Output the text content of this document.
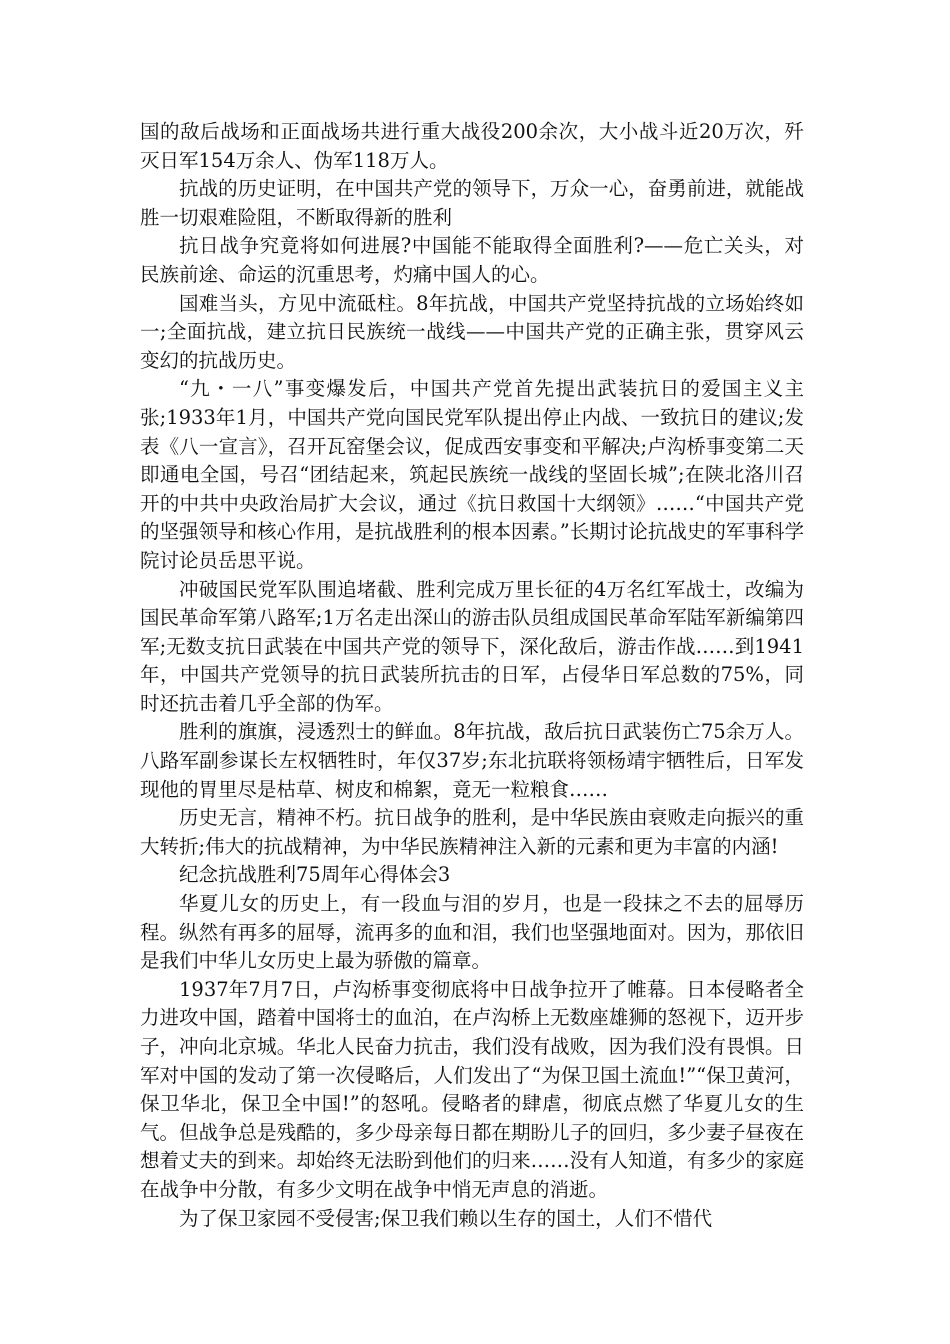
国的敌后战场和正面战场共进行重大战役200余次，大小战斗近20万次，歼灭日军154万余人、伪军118万人。

抗战的历史证明，在中国共产党的领导下，万众一心，奋勇前进，就能战胜一切艰难险阻，不断取得新的胜利

抗日战争究竟将如何进展?中国能不能取得全面胜利?——危亡关头，对民族前途、命运的沉重思考，灼痛中国人的心。

国难当头，方见中流砥柱。8年抗战，中国共产党坚持抗战的立场始终如一;全面抗战，建立抗日民族统一战线——中国共产党的正确主张，贯穿风云变幻的抗战历史。

“九・一八”事变爆发后，中国共产党首先提出武装抗日的爱国主义主张;1933年1月，中国共产党向国民党军队提出停止内战、一致抗日的建议;发表《八一宣言》，召开瓦窑堡会议，促成西安事变和平解决;卢沟桥事变第二天即通电全国，号召“团结起来，筑起民族统一战线的坚固长城”;在陕北洛川召开的中共中央政治局扩大会议，通过《抗日救国十大纲领》……“中国共产党的坚强领导和核心作用，是抗战胜利的根本因素。”长期讨论抗战史的军事科学院讨论员岳思平说。

冲破国民党军队围追堵截、胜利完成万里长征的4万名红军战士，改编为国民革命军第八路军;1万名走出深山的游击队员组成国民革命军陆军新编第四军;无数支抗日武装在中国共产党的领导下，深化敌后，游击作战……到1941年，中国共产党领导的抗日武装所抗击的日军，占侵华日军总数的75%，同时还抗击着几乎全部的伪军。

胜利的旗旗，浸透烈士的鲜血。8年抗战，敌后抗日武装伤亡75余万人。八路军副参谋长左权牺牲时，年仅37岁;东北抗联将领杨靖宇牺牲后，日军发现他的胃里尽是枯草、树皮和棉絮，竟无一粒粮食……

历史无言，精神不朽。抗日战争的胜利，是中华民族由衰败走向振兴的重大转折;伟大的抗战精神，为中华民族精神注入新的元素和更为丰富的内涵!

纪念抗战胜利75周年心得体会3

华夏儿女的历史上，有一段血与泪的岁月，也是一段抹之不去的屈辱历程。纵然有再多的屈辱，流再多的血和泪，我们也坚强地面对。因为，那依旧是我们中华儿女历史上最为骄傲的篇章。

1937年7月7日，卢沟桥事变彻底将中日战争拉开了帷幕。日本侵略者全力进攻中国，踏着中国将士的血泊，在卢沟桥上无数座雄狮的怒视下，迈开步子，冲向北京城。华北人民奋力抗击，我们没有战败，因为我们没有畏惧。日军对中国的发动了第一次侵略后，人们发出了“为保卫国土流血!”“保卫黄河，保卫华北，保卫全中国!”的怒吼。侵略者的肆虐，彻底点燃了华夏儿女的生气。但战争总是残酷的，多少母亲每日都在期盼儿子的回归，多少妻子昼夜在想着丈夫的到来。却始终无法盼到他们的归来……没有人知道，有多少的家庭在战争中分散，有多少文明在战争中悄无声息的消逝。

为了保卫家园不受侵害;保卫我们赖以生存的国土，人们不惜代
